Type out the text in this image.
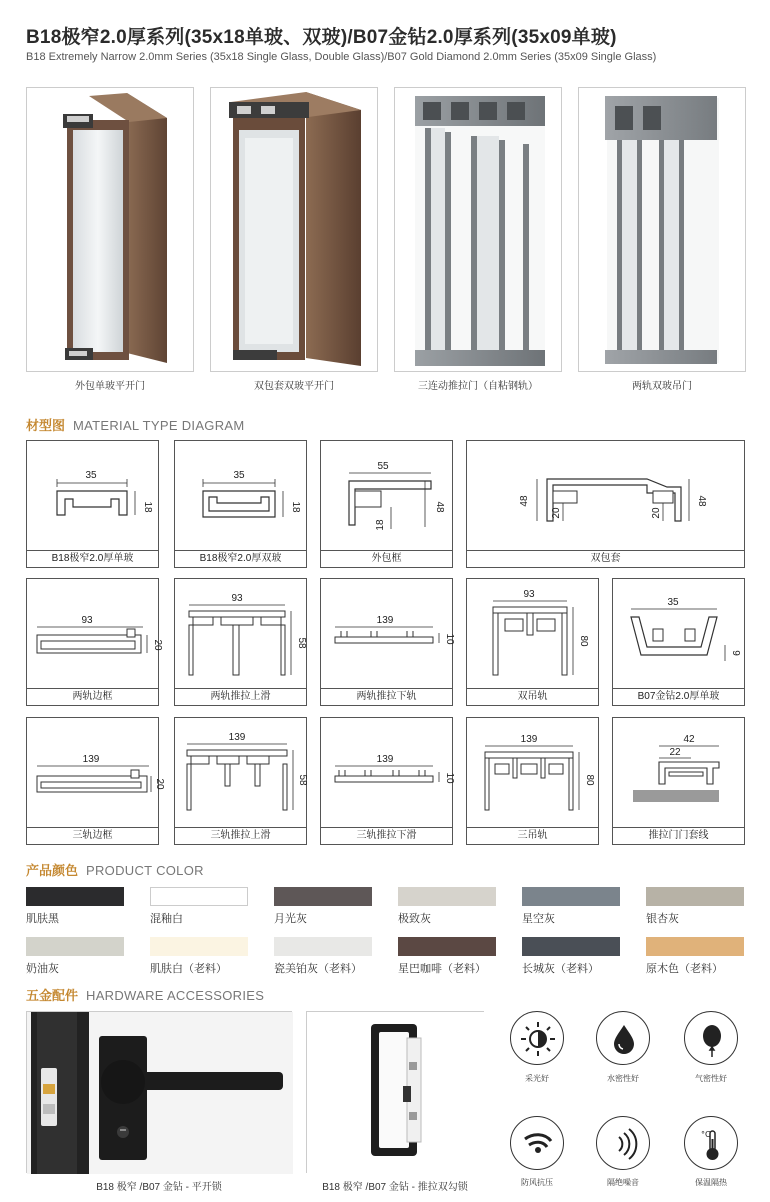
B18极窄2.0厚系列(35x18单玻、双玻)/B07金钻2.0厚系列(35x09单玻)
B18 Extremely Narrow 2.0mm Series (35x18 Single Glass, Double Glass)/B07 Gold Diamond 2.0mm Series (35x09 Single Glass)
外包单玻平开门	双包套双玻平开门	三连动推拉门（自粘钢轨）	两轨双玻吊门
材型图 MATERIAL TYPE DIAGRAM
35
18
B18极窄2.0厚单玻
35
18
B18极窄2.0厚双玻
55
48
18
外包框
48
20	20
48
双包套
93
20
两轨边框
93
58
两轨推拉上滑
139
10
两轨推拉下轨
93
80
双吊轨
35
9
B07金钻2.0厚单玻
139
20
三轨边框
139
58
三轨推拉上滑
139
10
三轨推拉下滑
139
80
三吊轨
42
22
推拉门门套线
产品颜色 PRODUCT COLOR
肌肤黑	混釉白	月光灰	极致灰	星空灰	银杏灰
奶油灰	肌肤白（老料）	瓷美铂灰（老料）	星巴咖啡（老料）	长城灰（老料）	原木色（老料）
五金配件 HARDWARE ACCESSORIES
B18 极窄 /B07 金钻 - 平开锁	B18 极窄 /B07 金钻 - 推拉双勾锁
采光好	水密性好	气密性好
防风抗压	隔绝噪音
°C
保温隔热
